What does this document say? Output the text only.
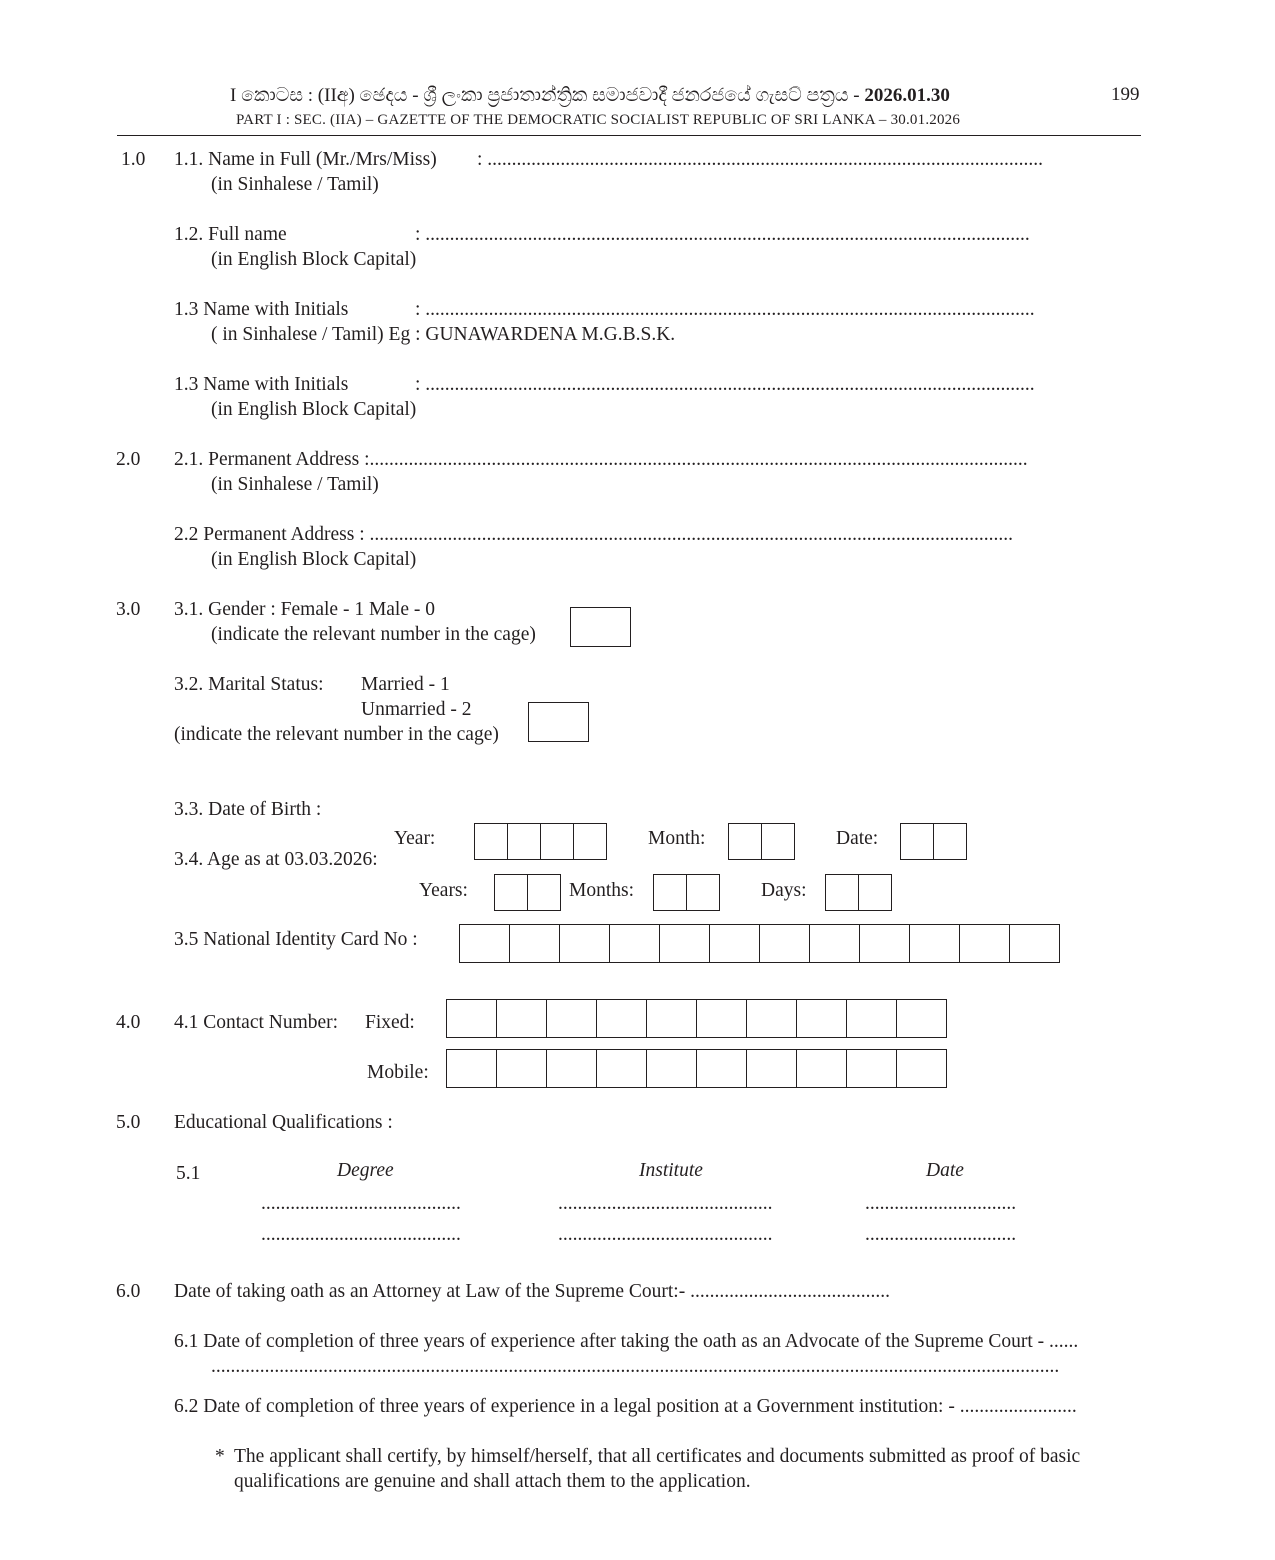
I කොටස : (IIඅ) ඡෙදය - ශ්‍රී ලංකා ප්‍රජාතාන්ත්‍රික සමාජවාදී ජනරජයේ ගැසට් පත්‍රය - 2026.01.30	199
PART I : SEC. (IIA) – GAZETTE OF THE DEMOCRATIC SOCIALIST REPUBLIC OF SRI LANKA – 30.01.2026
1.0 1.1. Name in Full (Mr./Mrs/Miss) : ..................................................................................................................
(in Sinhalese / Tamil)
1.2. Full name	: ............................................................................................................................
(in English Block Capital)
1.3 Name with Initials	: .............................................................................................................................
( in Sinhalese / Tamil) Eg : GUNAWARDENA M.G.B.S.K.
1.3 Name with Initials	: .............................................................................................................................
(in English Block Capital)
2.0 2.1. Permanent Address :.......................................................................................................................................
(in Sinhalese / Tamil)
2.2 Permanent Address : ....................................................................................................................................
(in English Block Capital)
3.0 3.1. Gender : Female - 1 Male - 0
(indicate the relevant number in the cage)
3.2. Marital Status: Married - 1
Unmarried - 2
(indicate the relevant number in the cage)
3.3. Date of Birth :
Year:	Month:	Date:
3.4. Age as at 03.03.2026:
Years:	Months:	Days:
3.5 National Identity Card No :
4.0 4.1 Contact Number: Fixed:
Mobile:
5.0 Educational Qualifications :
5.1	Degree	Institute	Date
.........................................	............................................	...............................
.........................................	............................................	...............................
6.0 Date of taking oath as an Attorney at Law of the Supreme Court:- .........................................
6.1 Date of completion of three years of experience after taking the oath as an Advocate of the Supreme Court - ......
..............................................................................................................................................................................
6.2 Date of completion of three years of experience in a legal position at a Government institution: - ........................
* The applicant shall certify, by himself/herself, that all certificates and documents submitted as proof of basic
qualifications are genuine and shall attach them to the application.
